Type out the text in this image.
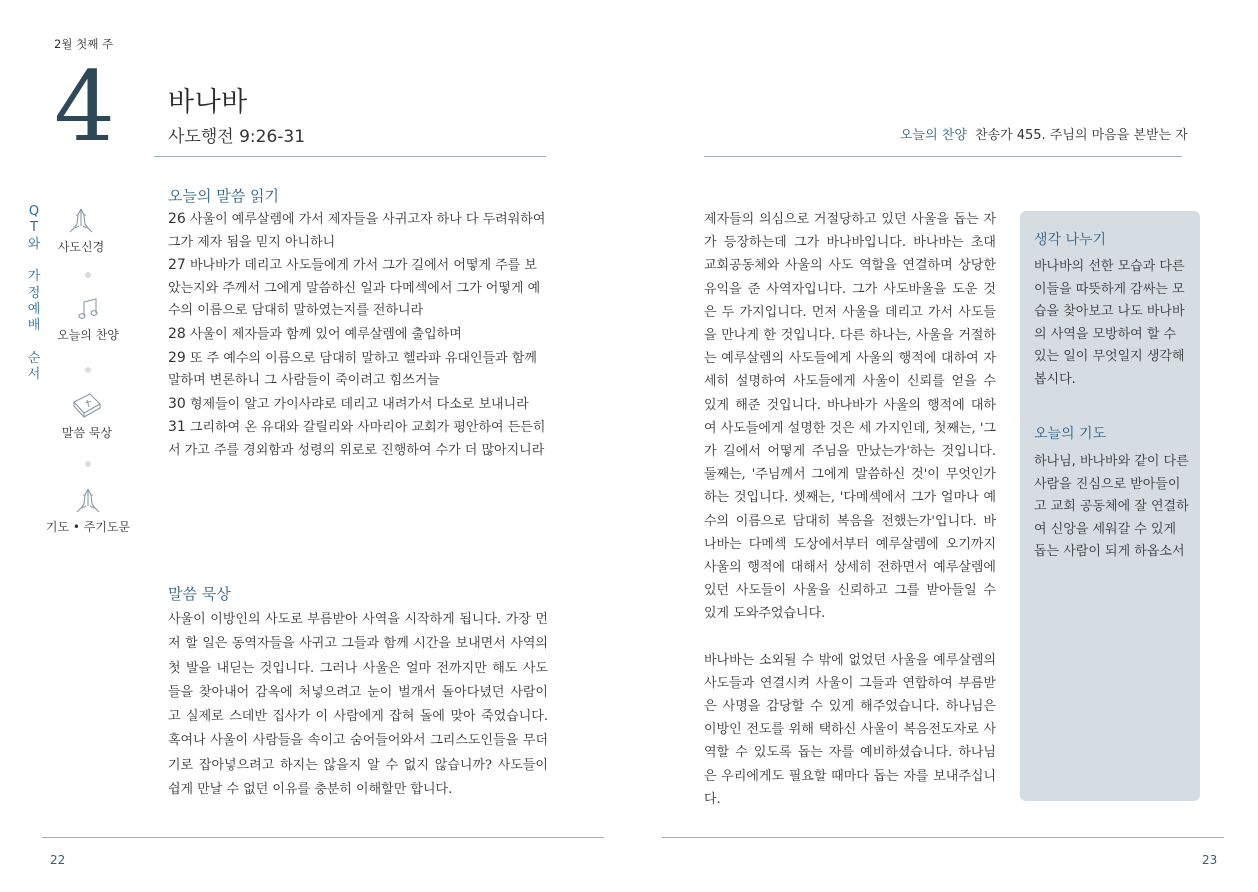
2월 첫째 주
4 바나바
사도행전 9:26-31
Q
T
와
가
정
예
배
순
서
사도신경
오늘의 찬양
말씀 묵상
기도 • 주기도문
오늘의 말씀 읽기
26 사울이 예루살렘에 가서 제자들을 사귀고자 하나 다 두려워하여 그가 제자 됨을 믿지 아니하니
27 바나바가 데리고 사도들에게 가서 그가 길에서 어떻게 주를 보았는지와 주께서 그에게 말씀하신 일과 다메섹에서 그가 어떻게 예수의 이름으로 담대히 말하였는지를 전하니라
28 사울이 제자들과 함께 있어 예루살렘에 출입하며
29 또 주 예수의 이름으로 담대히 말하고 헬라파 유대인들과 함께 말하며 변론하니 그 사람들이 죽이려고 힘쓰거늘
30 형제들이 알고 가이사랴로 데리고 내려가서 다소로 보내니라
31 그리하여 온 유대와 갈릴리와 사마리아 교회가 평안하여 든든히 서 가고 주를 경외함과 성령의 위로로 진행하여 수가 더 많아지니라
말씀 묵상
사울이 이방인의 사도로 부름받아 사역을 시작하게 됩니다. 가장 먼저 할 일은 동역자들을 사귀고 그들과 함께 시간을 보내면서 사역의 첫 발을 내딛는 것입니다. 그러나 사울은 얼마 전까지만 해도 사도들을 찾아내어 감옥에 처넣으려고 눈이 벌개서 돌아다녔던 사람이고 실제로 스데반 집사가 이 사람에게 잡혀 돌에 맞아 죽었습니다. 혹여나 사울이 사람들을 속이고 숨어들어와서 그리스도인들을 무더기로 잡아넣으려고 하지는 않을지 알 수 없지 않습니까? 사도들이 쉽게 만날 수 없던 이유를 충분히 이해할만 합니다.
22
오늘의 찬양 찬송가 455. 주님의 마음을 본받는 자

제자들의 의심으로 거절당하고 있던 사울을 돕는 자가 등장하는데 그가 바나바입니다. 바나바는 초대 교회공동체와 사울의 사도 역할을 연결하며 상당한 유익을 준 사역자입니다. 그가 사도바울을 도운 것은 두 가지입니다. 먼저 사울을 데리고 가서 사도들을 만나게 한 것입니다. 다른 하나는, 사울을 거절하는 예루살렘의 사도들에게 사울의 행적에 대하여 자세히 설명하여 사도들에게 사울이 신뢰를 얻을 수 있게 해준 것입니다. 바나바가 사울의 행적에 대하여 사도들에게 설명한 것은 세 가지인데, 첫째는, '그가 길에서 어떻게 주님을 만났는가'하는 것입니다. 둘째는, '주님께서 그에게 말씀하신 것'이 무엇인가 하는 것입니다. 셋째는, '다메섹에서 그가 얼마나 예수의 이름으로 담대히 복음을 전했는가'입니다. 바나바는 다메섹 도상에서부터 예루살렘에 오기까지 사울의 행적에 대해서 상세히 전하면서 예루살렘에 있던 사도들이 사울을 신뢰하고 그를 받아들일 수 있게 도와주었습니다.

바나바는 소외될 수 밖에 없었던 사울을 예루살렘의 사도들과 연결시켜 사울이 그들과 연합하여 부름받은 사명을 감당할 수 있게 해주었습니다. 하나님은 이방인 전도를 위해 택하신 사울이 복음전도자로 사역할 수 있도록 돕는 자를 예비하셨습니다. 하나님은 우리에게도 필요할 때마다 돕는 자를 보내주십니다.

생각 나누기
바나바의 선한 모습과 다른 이들을 따뜻하게 감싸는 모습을 찾아보고 나도 바나바의 사역을 모방하여 할 수 있는 일이 무엇일지 생각해 봅시다.
오늘의 기도
하나님, 바나바와 같이 다른 사람을 진심으로 받아들이고 교회 공동체에 잘 연결하여 신앙을 세워갈 수 있게 돕는 사람이 되게 하옵소서
23
